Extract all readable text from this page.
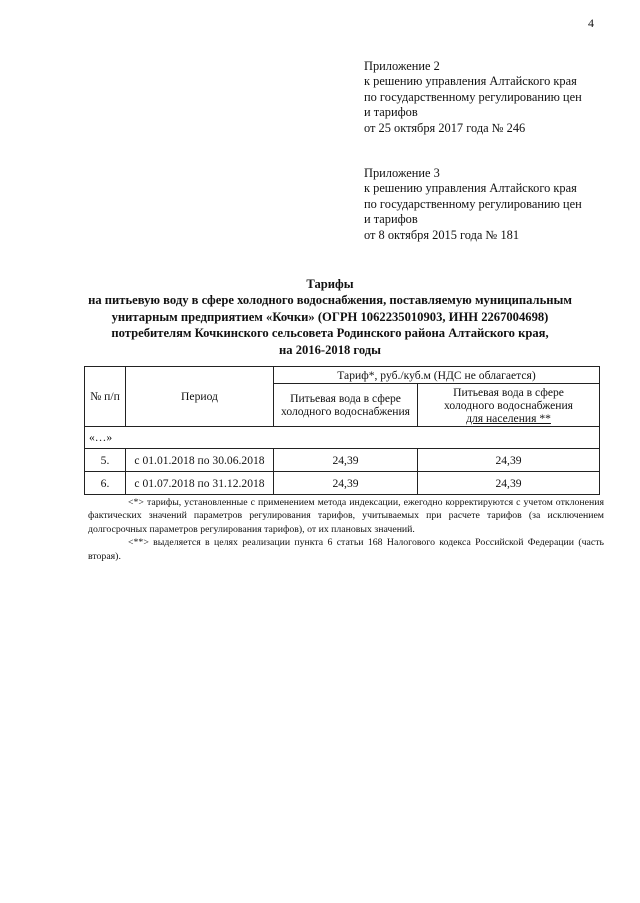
4
Приложение 2
к решению управления Алтайского края
по государственному регулированию цен
и тарифов
от 25 октября 2017 года № 246
Приложение 3
к решению управления Алтайского края
по государственному регулированию цен
и тарифов
от 8 октября 2015 года № 181
Тарифы
на питьевую воду в сфере холодного водоснабжения, поставляемую муниципальным
унитарным предприятием «Кочки» (ОГРН 1062235010903, ИНН 2267004698)
потребителям Кочкинского сельсовета Родинского района Алтайского края,
на 2016-2018 годы
№ п/п	Период	Тариф*, руб./куб.м (НДС не облагается)	
		Питьевая вода в сфере холодного водоснабжения	Питьевая вода в сфере
холодного водоснабжения
для населения **

«…»			
5.	с 01.01.2018 по 30.06.2018	24,39	24,39
6.	с 01.07.2018 по 31.12.2018	24,39	24,39

<*> тарифы, установленные с применением метода индексации, ежегодно корректируются с учетом отклонения фактических значений параметров регулирования тарифов, учитываемых при расчете тарифов (за исключением долгосрочных параметров регулирования тарифов), от их плановых значений.

<**> выделяется в целях реализации пункта 6 статьи 168 Налогового кодекса Российской Федерации (часть вторая).
